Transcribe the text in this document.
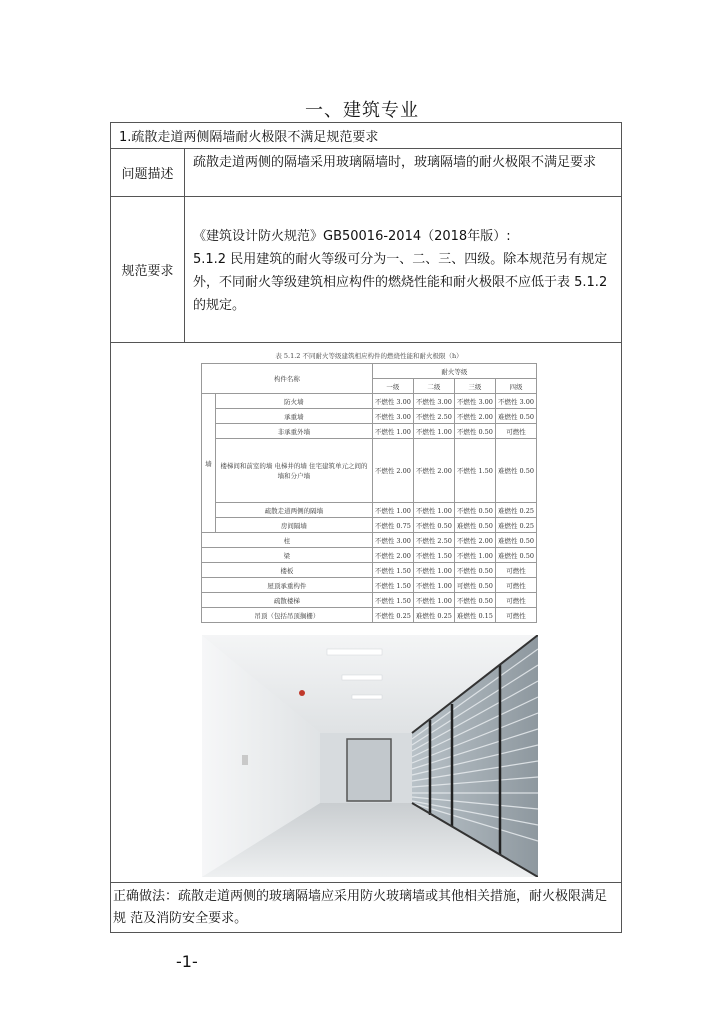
一、建筑专业
1.疏散走道两侧隔墙耐火极限不满足规范要求
问题描述
疏散走道两侧的隔墙采用玻璃隔墙时，玻璃隔墙的耐火极限不满足要求
规范要求
《建筑设计防火规范》GB50016-2014（2018年版）:
5.1.2 民用建筑的耐火等级可分为一、二、三、四级。除本规范另有规定外，不同耐火等级建筑相应构件的燃烧性能和耐火极限不应低于表 5.1.2的规定。
表 5.1.2 不同耐火等级建筑相应构件的燃烧性能和耐火极限（h）
构件名称		耐火等级			
		一级	二级	三级	四级
墙	防火墙	不燃性 3.00	不燃性 3.00	不燃性 3.00	不燃性 3.00
	承重墙	不燃性 3.00	不燃性 2.50	不燃性 2.00	难燃性 0.50
	非承重外墙	不燃性 1.00	不燃性 1.00	不燃性 0.50	可燃性
	楼梯间和前室的墙 电梯井的墙 住宅建筑单元之间的墙和分户墙	不燃性 2.00	不燃性 2.00	不燃性 1.50	难燃性 0.50
	疏散走道两侧的隔墙	不燃性 1.00	不燃性 1.00	不燃性 0.50	难燃性 0.25
	房间隔墙	不燃性 0.75	不燃性 0.50	难燃性 0.50	难燃性 0.25
柱		不燃性 3.00	不燃性 2.50	不燃性 2.00	难燃性 0.50
梁		不燃性 2.00	不燃性 1.50	不燃性 1.00	难燃性 0.50
楼板		不燃性 1.50	不燃性 1.00	不燃性 0.50	可燃性
屋顶承重构件		不燃性 1.50	不燃性 1.00	可燃性 0.50	可燃性
疏散楼梯		不燃性 1.50	不燃性 1.00	不燃性 0.50	可燃性
吊顶（包括吊顶搁栅）		不燃性 0.25	难燃性 0.25	难燃性 0.15	可燃性
正确做法：疏散走道两侧的玻璃隔墙应采用防火玻璃墙或其他相关措施，耐火极限满足规 范及消防安全要求。
-1-
